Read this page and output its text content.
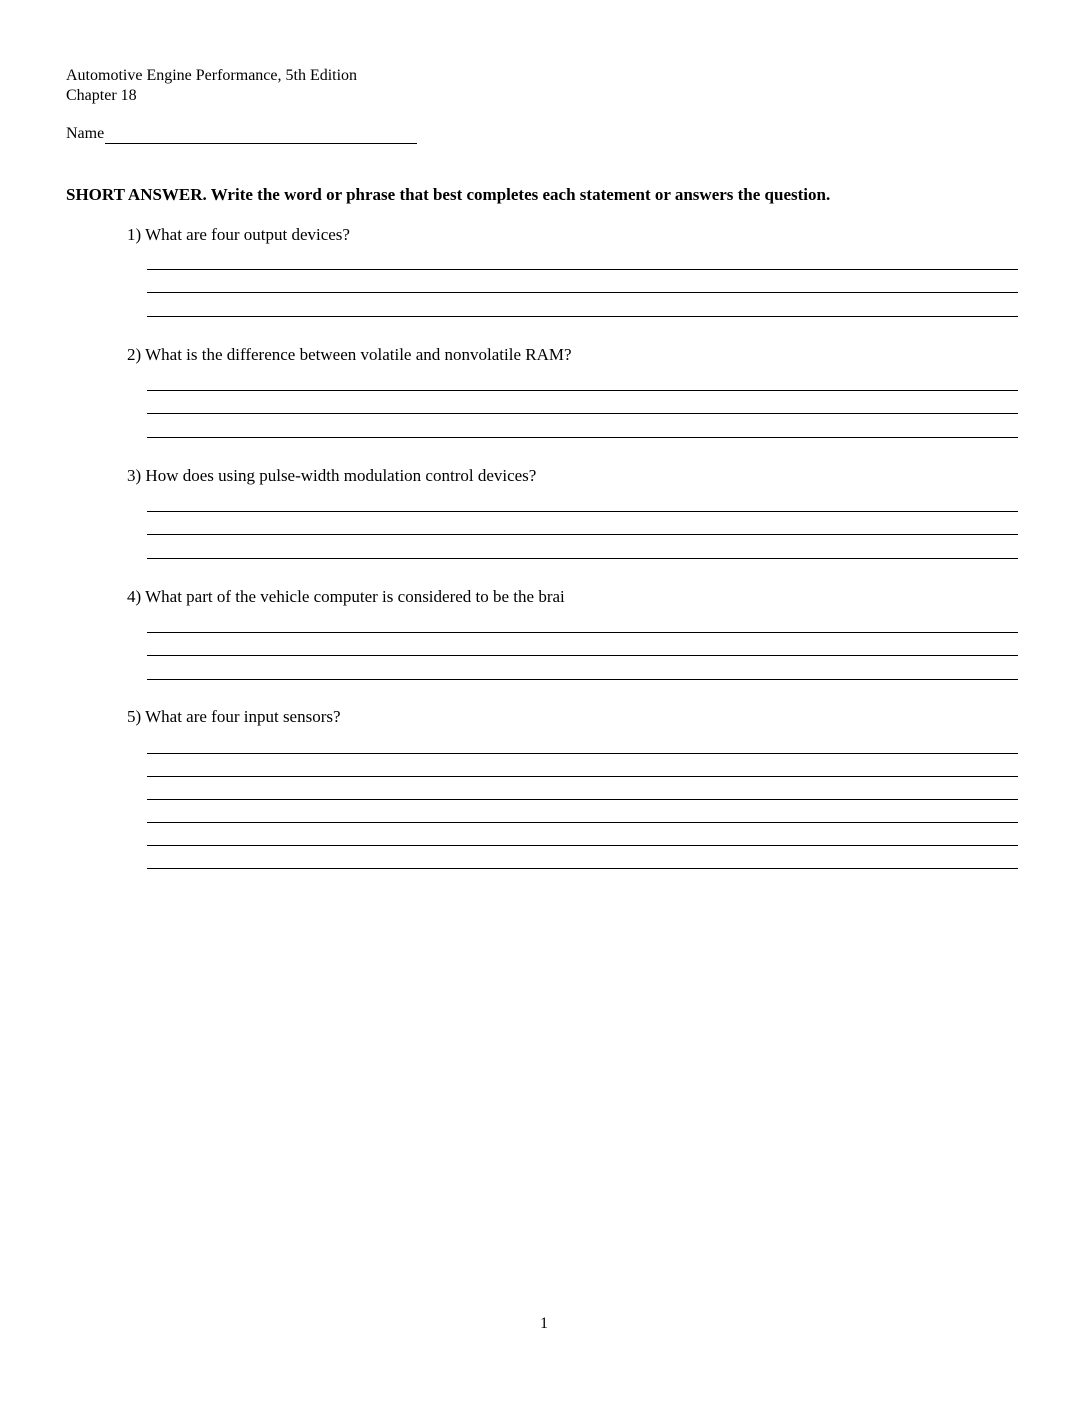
Automotive Engine Performance, 5th Edition
Chapter 18
Name
SHORT ANSWER. Write the word or phrase that best completes each statement or answers the question.
1) What are four output devices?
2) What is the difference between volatile and nonvolatile RAM?
3) How does using pulse-width modulation control devices?
4) What part of the vehicle computer is considered to be the brai
5) What are four input sensors?
1
